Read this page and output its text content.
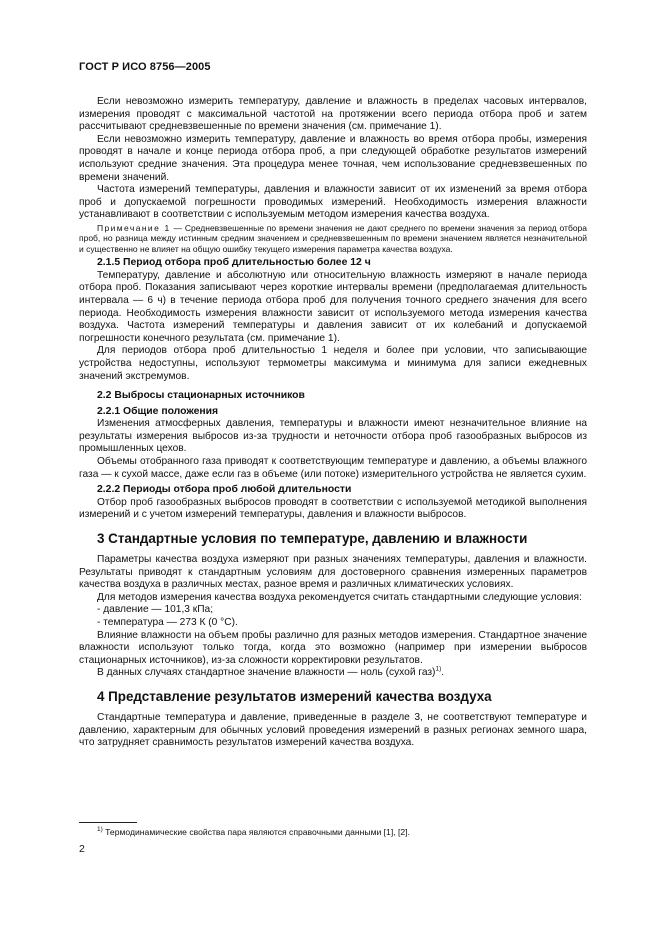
ГОСТ Р ИСО 8756—2005

Если невозможно измерить температуру, давление и влажность в пределах часовых интервалов, измерения проводят с максимальной частотой на протяжении всего периода отбора проб и затем рассчитывают средневзвешенные по времени значения (см. примечание 1).

Если невозможно измерить температуру, давление и влажность во время отбора пробы, измерения проводят в начале и конце периода отбора проб, а при следующей обработке результатов измерений используют средние значения. Эта процедура менее точная, чем использование средневзвешенных по времени значений.

Частота измерений температуры, давления и влажности зависит от их изменений за время отбора проб и допускаемой погрешности проводимых измерений. Необходимость измерения влажности устанавливают в соответствии с используемым методом измерения качества воздуха.

Примечание 1 — Средневзвешенные по времени значения не дают среднего по времени значения за период отбора проб, но разница между истинным средним значением и средневзвешенным по времени значением является незначительной и существенно не влияет на общую ошибку текущего измерения параметра качества воздуха.

2.1.5 Период отбора проб длительностью более 12 ч

Температуру, давление и абсолютную или относительную влажность измеряют в начале периода отбора проб. Показания записывают через короткие интервалы времени (предполагаемая длительность интервала — 6 ч) в течение периода отбора проб для получения точного среднего значения для всего периода. Необходимость измерения влажности зависит от используемого метода измерения качества воздуха. Частота измерений температуры и давления зависит от их колебаний и допускаемой погрешности конечного результата (см. примечание 1).

Для периодов отбора проб длительностью 1 неделя и более при условии, что записывающие устройства недоступны, используют термометры максимума и минимума для записи ежедневных значений экстремумов.

2.2 Выбросы стационарных источников

2.2.1 Общие положения

Изменения атмосферных давления, температуры и влажности имеют незначительное влияние на результаты измерения выбросов из-за трудности и неточности отбора проб газообразных выбросов из промышленных цехов.

Объемы отобранного газа приводят к соответствующим температуре и давлению, а объемы влажного газа — к сухой массе, даже если газ в объеме (или потоке) измерительного устройства не является сухим.

2.2.2 Периоды отбора проб любой длительности

Отбор проб газообразных выбросов проводят в соответствии с используемой методикой выполнения измерений и с учетом измерений температуры, давления и влажности выбросов.

3 Стандартные условия по температуре, давлению и влажности

Параметры качества воздуха измеряют при разных значениях температуры, давления и влажности. Результаты приводят к стандартным условиям для достоверного сравнения измеренных параметров качества воздуха в различных местах, разное время и различных климатических условиях.

Для методов измерения качества воздуха рекомендуется считать стандартными следующие условия:

- давление — 101,3 кПа;

- температура — 273 К (0 °С).

Влияние влажности на объем пробы различно для разных методов измерения. Стандартное значение влажности используют только тогда, когда это возможно (например при измерении выбросов стационарных источников), из-за сложности корректировки результатов.

В данных случаях стандартное значение влажности — ноль (сухой газ)$^{1)}$.

4 Представление результатов измерений качества воздуха

Стандартные температура и давление, приведенные в разделе 3, не соответствуют температуре и давлению, характерным для обычных условий проведения измерений в разных регионах земного шара, что затрудняет сравнимость результатов измерений качества воздуха.

$^{1)}$ Термодинамические свойства пара являются справочными данными [1], [2].
2
